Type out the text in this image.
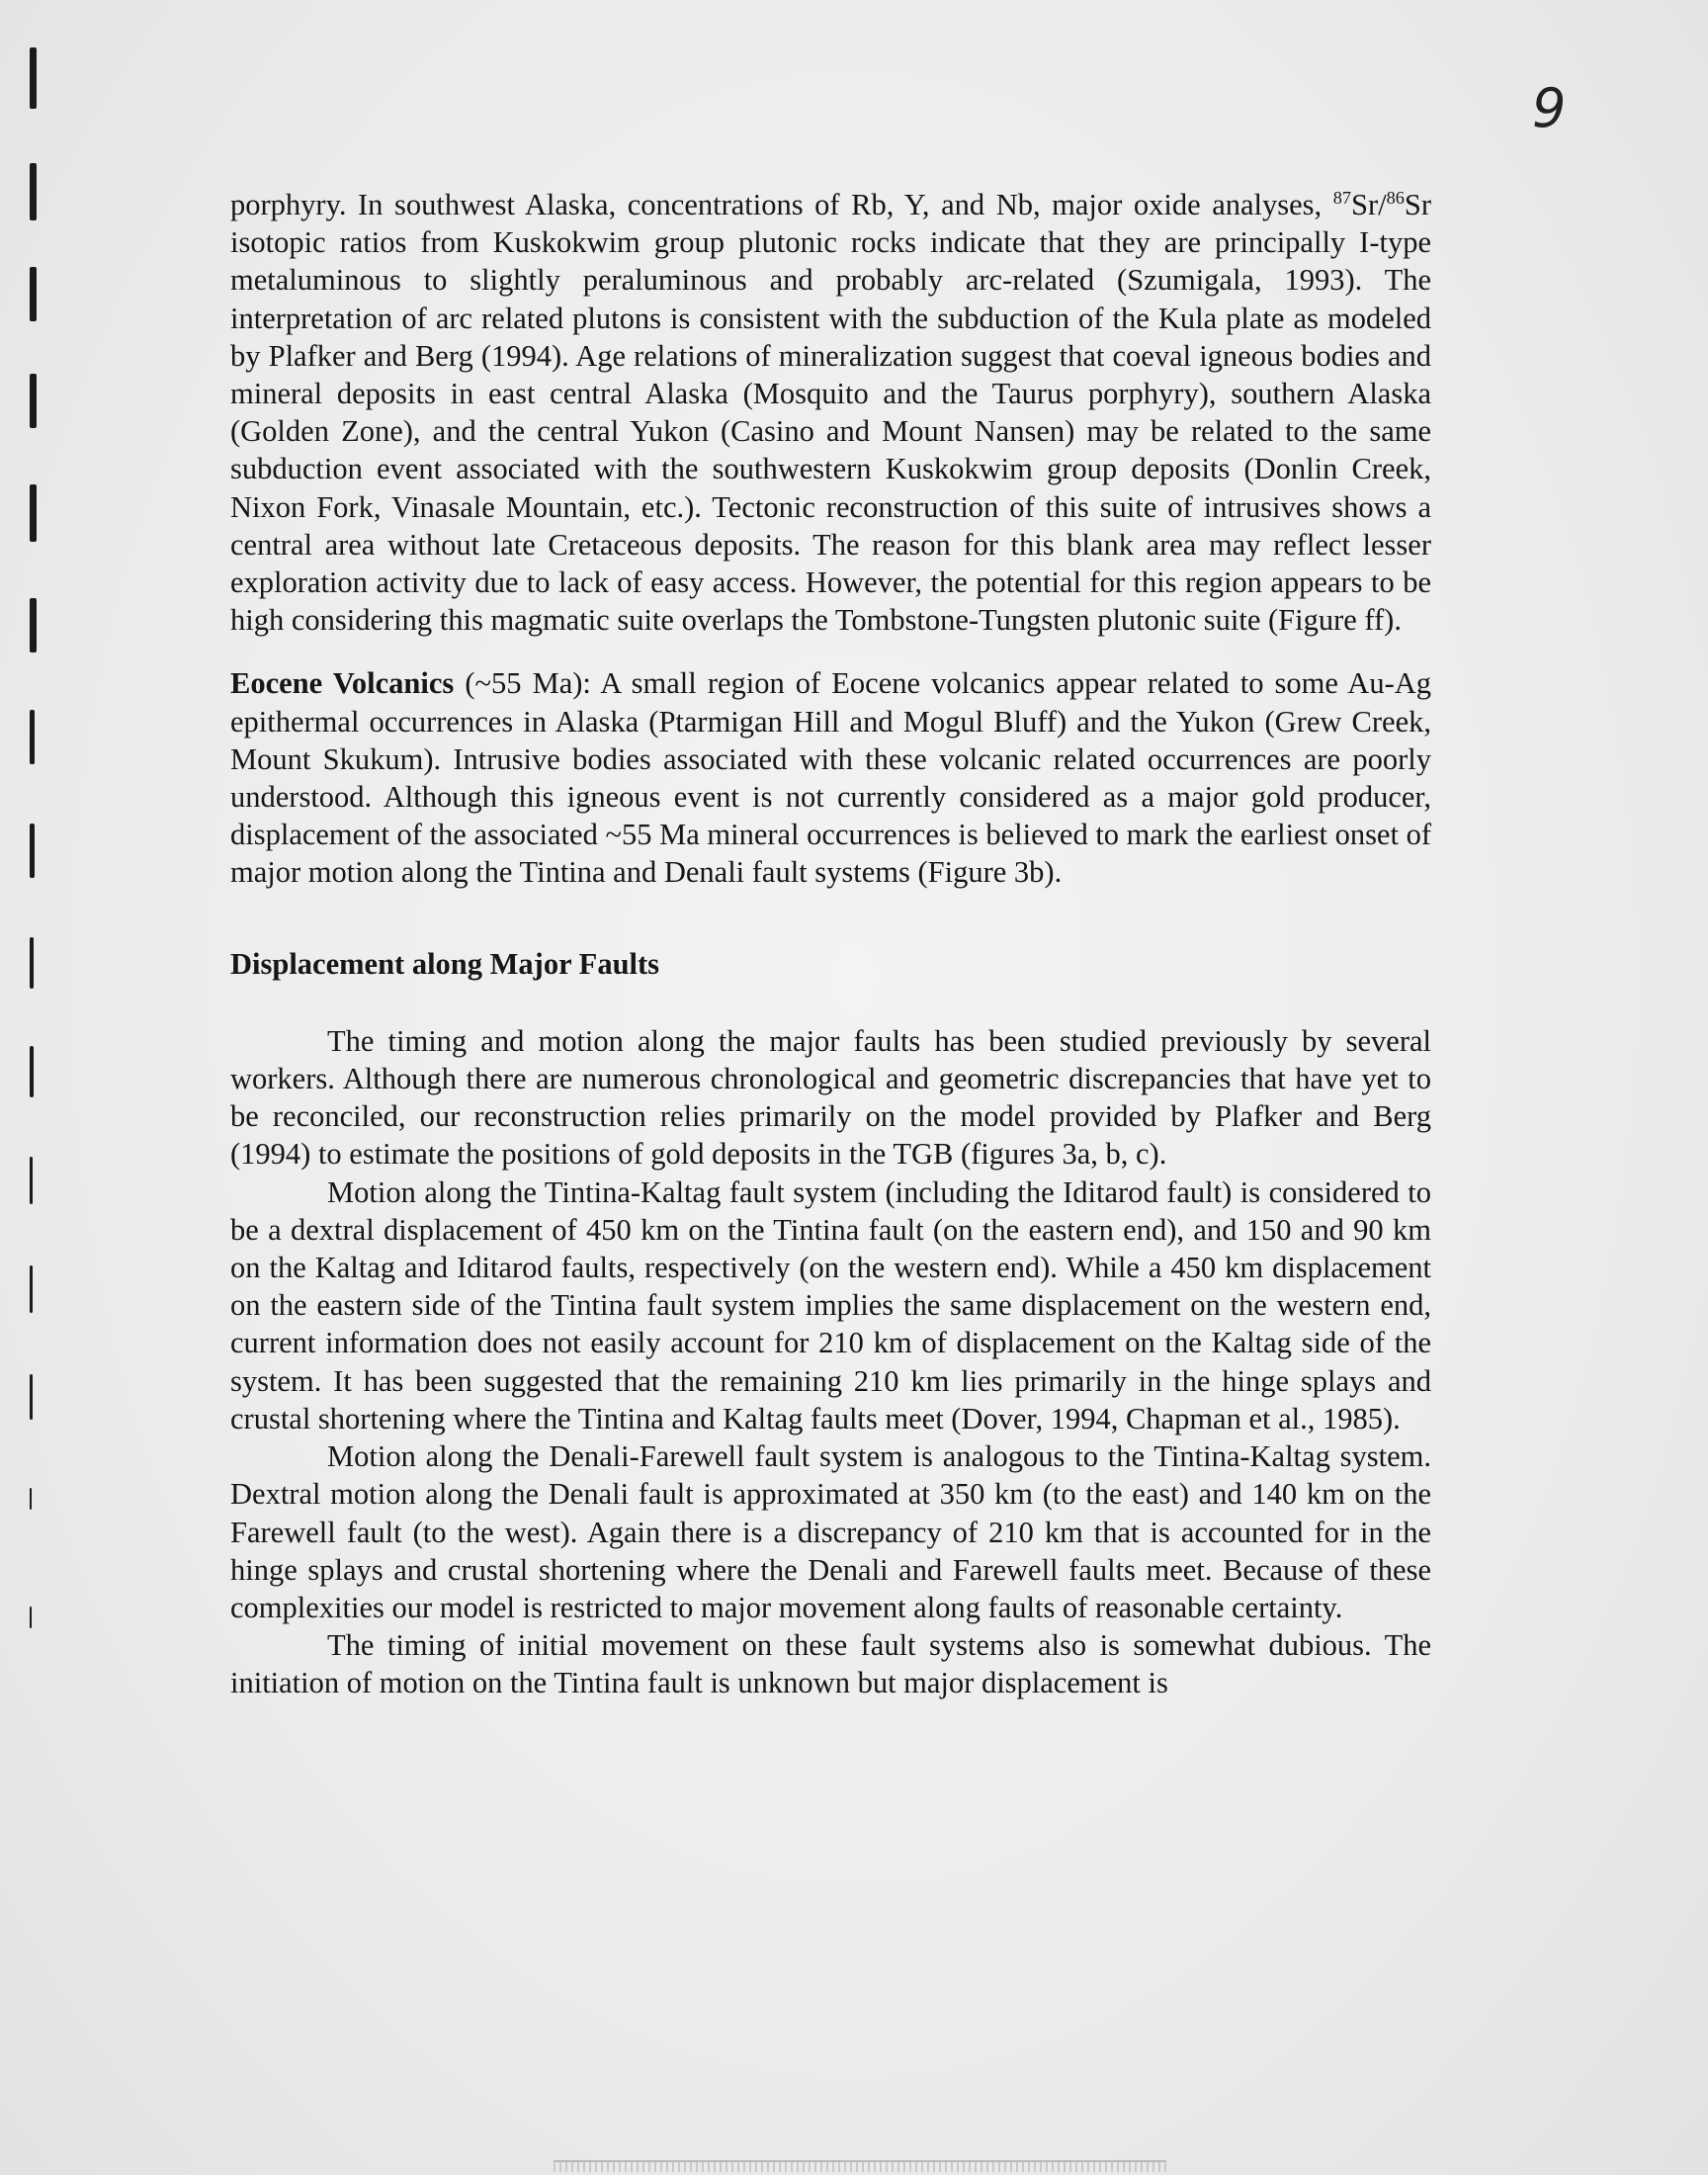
9

porphyry. In southwest Alaska, concentrations of Rb, Y, and Nb, major oxide analyses, $^{87}$Sr/$^{86}$Sr isotopic ratios from Kuskokwim group plutonic rocks indicate that they are principally I-type metaluminous to slightly peraluminous and probably arc-related (Szumigala, 1993). The interpretation of arc related plutons is consistent with the subduction of the Kula plate as modeled by Plafker and Berg (1994). Age relations of mineralization suggest that coeval igneous bodies and mineral deposits in east central Alaska (Mosquito and the Taurus porphyry), southern Alaska (Golden Zone), and the central Yukon (Casino and Mount Nansen) may be related to the same subduction event associated with the southwestern Kuskokwim group deposits (Donlin Creek, Nixon Fork, Vinasale Mountain, etc.). Tectonic reconstruction of this suite of intrusives shows a central area without late Cretaceous deposits. The reason for this blank area may reflect lesser exploration activity due to lack of easy access. However, the potential for this region appears to be high considering this magmatic suite overlaps the Tombstone-Tungsten plutonic suite (Figure ff).

Eocene Volcanics (~55 Ma): A small region of Eocene volcanics appear related to some Au-Ag epithermal occurrences in Alaska (Ptarmigan Hill and Mogul Bluff) and the Yukon (Grew Creek, Mount Skukum). Intrusive bodies associated with these volcanic related occurrences are poorly understood. Although this igneous event is not currently considered as a major gold producer, displacement of the associated ~55 Ma mineral occurrences is believed to mark the earliest onset of major motion along the Tintina and Denali fault systems (Figure 3b).

Displacement along Major Faults

The timing and motion along the major faults has been studied previously by several workers. Although there are numerous chronological and geometric discrepancies that have yet to be reconciled, our reconstruction relies primarily on the model provided by Plafker and Berg (1994) to estimate the positions of gold deposits in the TGB (figures 3a, b, c).

Motion along the Tintina-Kaltag fault system (including the Iditarod fault) is considered to be a dextral displacement of 450 km on the Tintina fault (on the eastern end), and 150 and 90 km on the Kaltag and Iditarod faults, respectively (on the western end). While a 450 km displacement on the eastern side of the Tintina fault system implies the same displacement on the western end, current information does not easily account for 210 km of displacement on the Kaltag side of the system. It has been suggested that the remaining 210 km lies primarily in the hinge splays and crustal shortening where the Tintina and Kaltag faults meet (Dover, 1994, Chapman et al., 1985).

Motion along the Denali-Farewell fault system is analogous to the Tintina-Kaltag system. Dextral motion along the Denali fault is approximated at 350 km (to the east) and 140 km on the Farewell fault (to the west). Again there is a discrepancy of 210 km that is accounted for in the hinge splays and crustal shortening where the Denali and Farewell faults meet. Because of these complexities our model is restricted to major movement along faults of reasonable certainty.

The timing of initial movement on these fault systems also is somewhat dubious. The initiation of motion on the Tintina fault is unknown but major displacement is
